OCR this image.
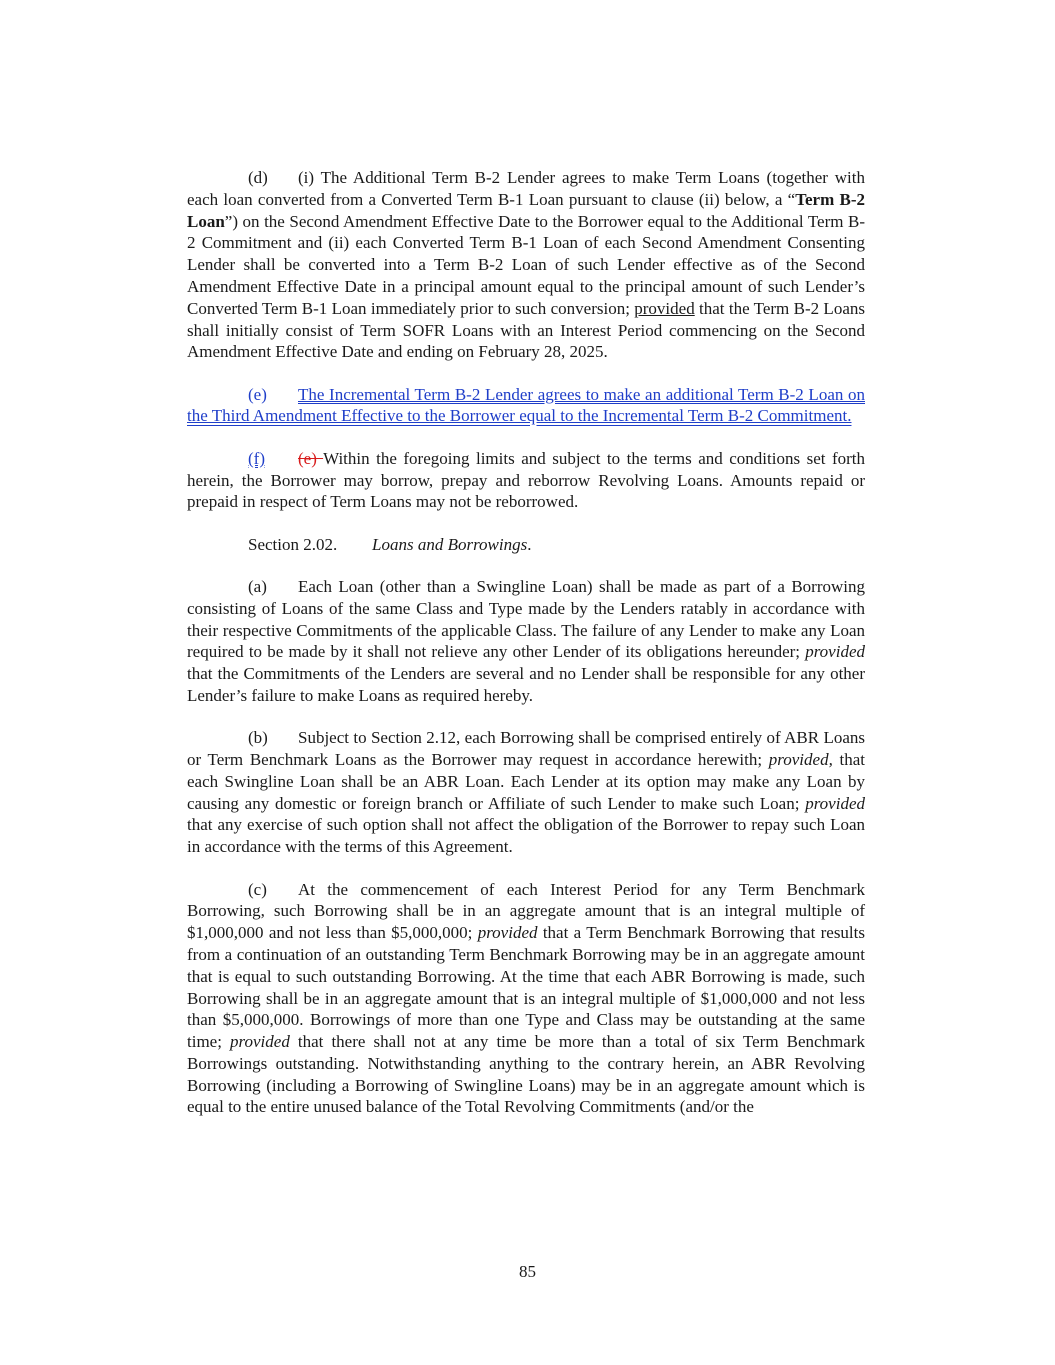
(d) (i) The Additional Term B-2 Lender agrees to make Term Loans (together with each loan converted from a Converted Term B-1 Loan pursuant to clause (ii) below, a “Term B-2 Loan”) on the Second Amendment Effective Date to the Borrower equal to the Additional Term B-2 Commitment and (ii) each Converted Term B-1 Loan of each Second Amendment Consenting Lender shall be converted into a Term B-2 Loan of such Lender effective as of the Second Amendment Effective Date in a principal amount equal to the principal amount of such Lender’s Converted Term B-1 Loan immediately prior to such conversion; provided that the Term B-2 Loans shall initially consist of Term SOFR Loans with an Interest Period commencing on the Second Amendment Effective Date and ending on February 28, 2025.

(e) The Incremental Term B-2 Lender agrees to make an additional Term B-2 Loan on the Third Amendment Effective to the Borrower equal to the Incremental Term B-2 Commitment.

(f) (e) Within the foregoing limits and subject to the terms and conditions set forth herein, the Borrower may borrow, prepay and reborrow Revolving Loans. Amounts repaid or prepaid in respect of Term Loans may not be reborrowed.

Section 2.02. Loans and Borrowings.

(a) Each Loan (other than a Swingline Loan) shall be made as part of a Borrowing consisting of Loans of the same Class and Type made by the Lenders ratably in accordance with their respective Commitments of the applicable Class. The failure of any Lender to make any Loan required to be made by it shall not relieve any other Lender of its obligations hereunder; provided that the Commitments of the Lenders are several and no Lender shall be responsible for any other Lender’s failure to make Loans as required hereby.

(b) Subject to Section 2.12, each Borrowing shall be comprised entirely of ABR Loans or Term Benchmark Loans as the Borrower may request in accordance herewith; provided, that each Swingline Loan shall be an ABR Loan. Each Lender at its option may make any Loan by causing any domestic or foreign branch or Affiliate of such Lender to make such Loan; provided that any exercise of such option shall not affect the obligation of the Borrower to repay such Loan in accordance with the terms of this Agreement.

(c) At the commencement of each Interest Period for any Term Benchmark Borrowing, such Borrowing shall be in an aggregate amount that is an integral multiple of $1,000,000 and not less than $5,000,000; provided that a Term Benchmark Borrowing that results from a continuation of an outstanding Term Benchmark Borrowing may be in an aggregate amount that is equal to such outstanding Borrowing. At the time that each ABR Borrowing is made, such Borrowing shall be in an aggregate amount that is an integral multiple of $1,000,000 and not less than $5,000,000. Borrowings of more than one Type and Class may be outstanding at the same time; provided that there shall not at any time be more than a total of six Term Benchmark Borrowings outstanding. Notwithstanding anything to the contrary herein, an ABR Revolving Borrowing (including a Borrowing of Swingline Loans) may be in an aggregate amount which is equal to the entire unused balance of the Total Revolving Commitments (and/or the

85
